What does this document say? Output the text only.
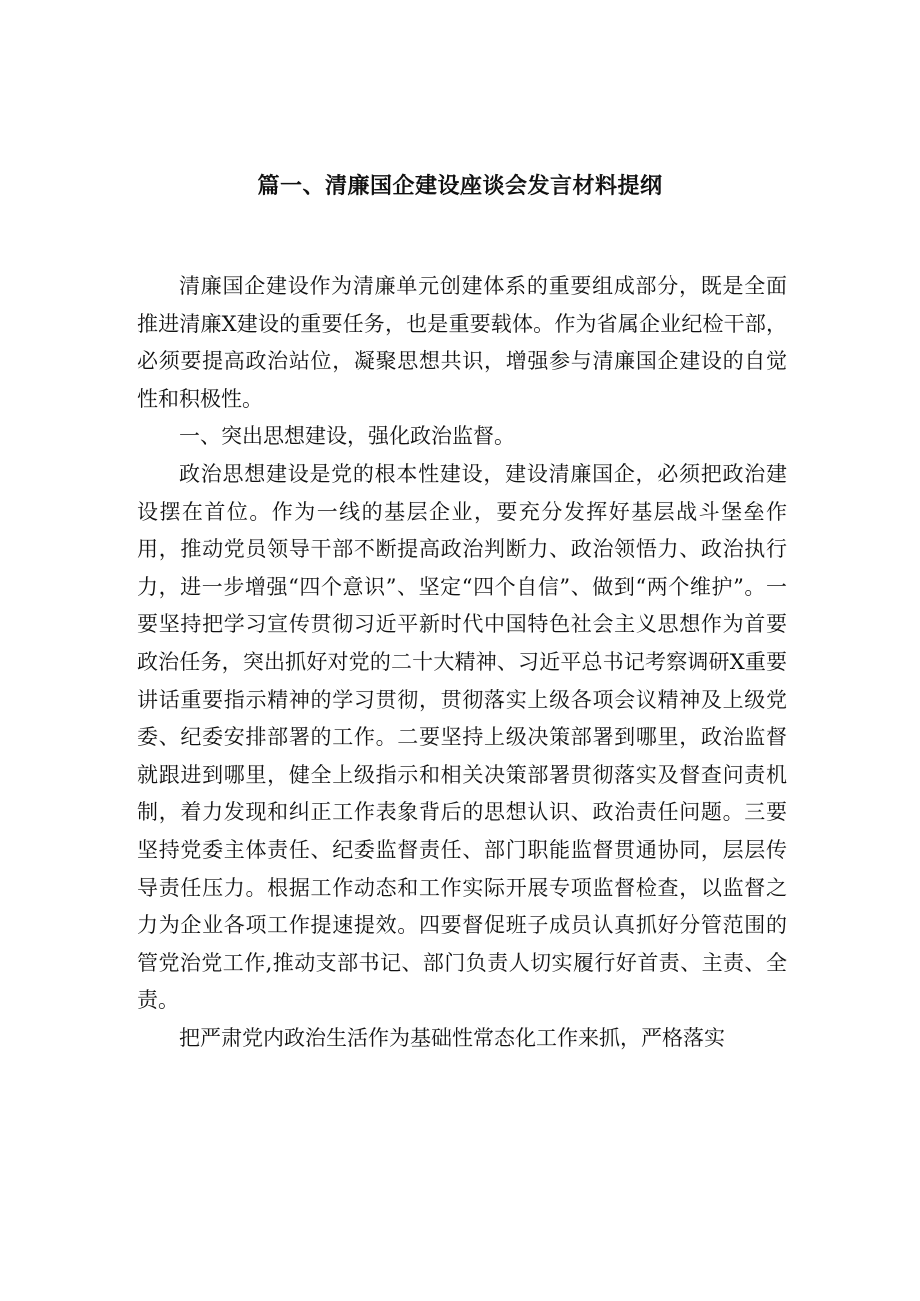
篇一、清廉国企建设座谈会发言材料提纲

清廉国企建设作为清廉单元创建体系的重要组成部分，既是全面推进清廉X建设的重要任务，也是重要载体。作为省属企业纪检干部，必须要提高政治站位，凝聚思想共识，增强参与清廉国企建设的自觉性和积极性。

一、突出思想建设，强化政治监督。

政治思想建设是党的根本性建设，建设清廉国企，必须把政治建设摆在首位。作为一线的基层企业，要充分发挥好基层战斗堡垒作用，推动党员领导干部不断提高政治判断力、政治领悟力、政治执行力，进一步增强“四个意识”、坚定“四个自信”、做到“两个维护”。一要坚持把学习宣传贯彻习近平新时代中国特色社会主义思想作为首要政治任务，突出抓好对党的二十大精神、习近平总书记考察调研X重要讲话重要指示精神的学习贯彻，贯彻落实上级各项会议精神及上级党委、纪委安排部署的工作。二要坚持上级决策部署到哪里，政治监督就跟进到哪里，健全上级指示和相关决策部署贯彻落实及督查问责机制，着力发现和纠正工作表象背后的思想认识、政治责任问题。三要坚持党委主体责任、纪委监督责任、部门职能监督贯通协同，层层传导责任压力。根据工作动态和工作实际开展专项监督检查，以监督之力为企业各项工作提速提效。四要督促班子成员认真抓好分管范围的管党治党工作,推动支部书记、部门负责人切实履行好首责、主责、全责。

把严肃党内政治生活作为基础性常态化工作来抓，严格落实
